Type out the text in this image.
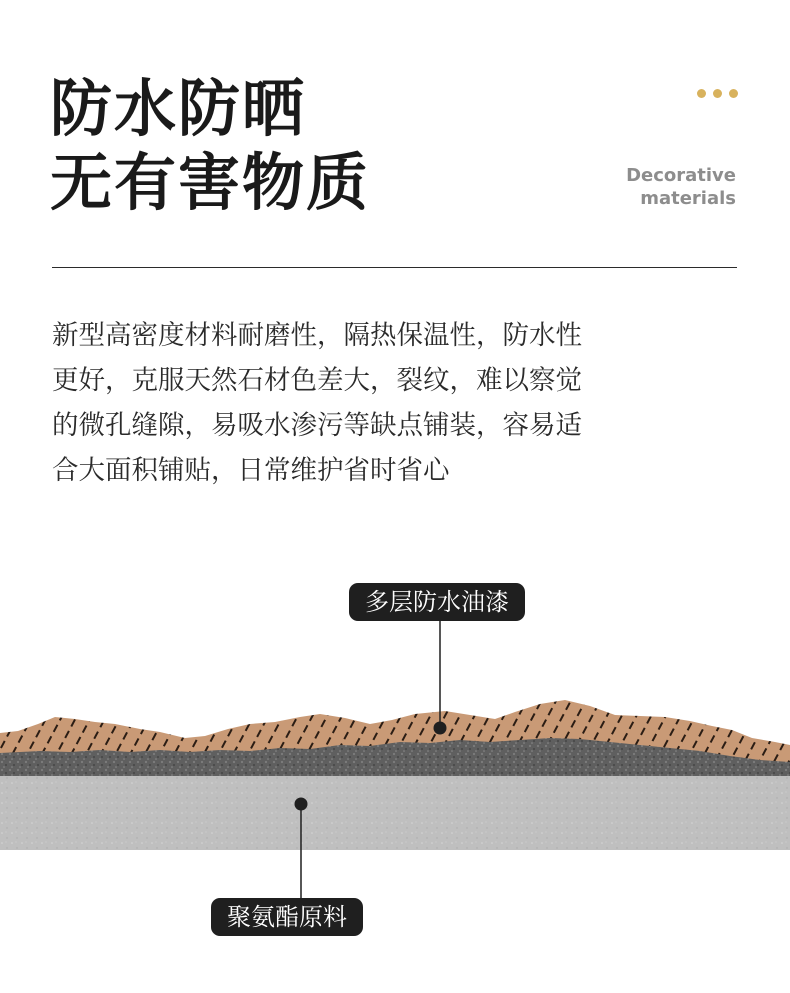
防水防晒
无有害物质	Decorative
materials
新型高密度材料耐磨性，隔热保温性，防水性
更好，克服天然石材色差大，裂纹，难以察觉
的微孔缝隙，易吸水渗污等缺点铺装，容易适
合大面积铺贴，日常维护省时省心
多层防水油漆
聚氨酯原料
